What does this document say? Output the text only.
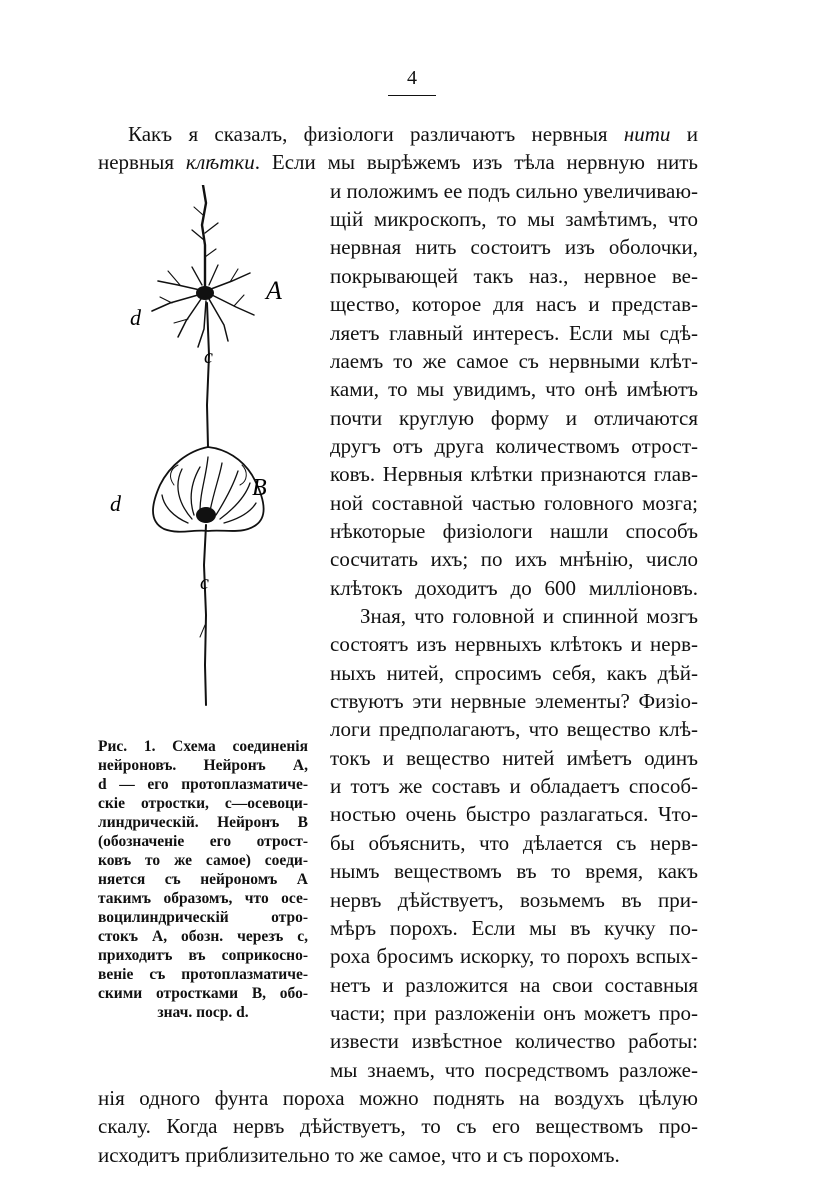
4
Какъ я сказалъ, физіологи различаютъ нервныя нити и
нервныя клѣтки. Если мы вырѣжемъ изъ тѣла нервную нить
и положимъ ее подъ сильно увеличиваю-
щій микроскопъ, то мы замѣтимъ, что
нервная нить состоитъ изъ оболочки,
покрывающей такъ наз., нервное ве-
щество, которое для насъ и представ-
ляетъ главный интересъ. Если мы сдѣ-
лаемъ то же самое съ нервными клѣт-
ками, то мы увидимъ, что онѣ имѣютъ
почти круглую форму и отличаются
другъ отъ друга количествомъ отрост-
ковъ. Нервныя клѣтки признаются глав-
ной составной частью головного мозга;
нѣкоторые физіологи нашли способъ
сосчитать ихъ; по ихъ мнѣнію, число
клѣтокъ доходитъ до 600 милліоновъ.
Зная, что головной и спинной мозгъ
состоятъ изъ нервныхъ клѣтокъ и нерв-
ныхъ нитей, спросимъ себя, какъ дѣй-
ствуютъ эти нервные элементы? Физіо-
логи предполагаютъ, что вещество клѣ-
токъ и вещество нитей имѣетъ одинъ
и тотъ же составъ и обладаетъ способ-
ностью очень быстро разлагаться. Что-
бы объяснить, что дѣлается съ нерв-
нымъ веществомъ въ то время, какъ
нервъ дѣйствуетъ, возьмемъ въ при-
мѣръ порохъ. Если мы въ кучку по-
роха бросимъ искорку, то порохъ вспых-
нетъ и разложится на свои составныя
части; при разложеніи онъ можетъ про-
извести извѣстное количество работы:
мы знаемъ, что посредствомъ разложе-
A
d
c
B
d
c
Рис. 1. Схема соединенія
нейроновъ. Нейронъ A,
d — его протоплазматиче-
скіе отростки, c—осевоци-
линдрическій. Нейронъ B
(обозначеніе его отрост-
ковъ то же самое) соеди-
няется съ нейрономъ A
такимъ образомъ, что осе-
воцилиндрическій отро-
стокъ A, обозн. черезъ c,
приходитъ въ соприкосно-
веніе съ протоплазматиче-
скими отростками B, обо-
знач. поср. d.
нія одного фунта пороха можно поднять на воздухъ цѣлую
скалу. Когда нервъ дѣйствуетъ, то съ его веществомъ про-
исходитъ приблизительно то же самое, что и съ порохомъ.
